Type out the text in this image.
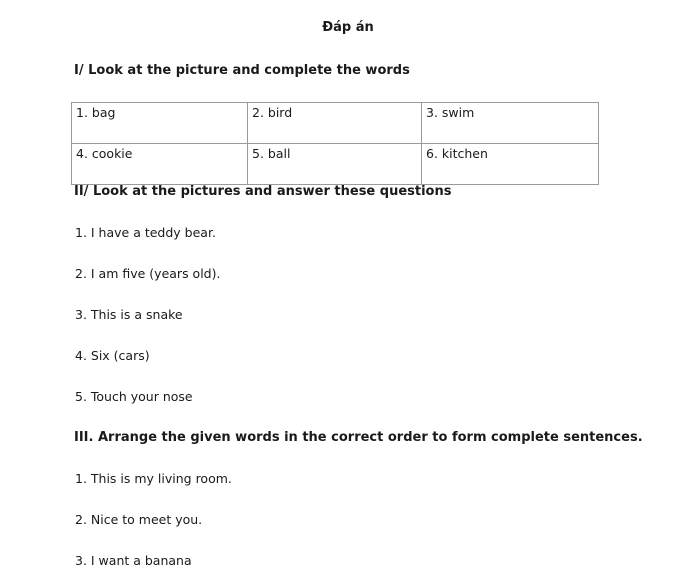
Đáp án
I/ Look at the picture and complete the words
1. bag	2. bird	3. swim
4. cookie	5. ball	6. kitchen
II/ Look at the pictures and answer these questions
1. I have a teddy bear.
2. I am five (years old).
3. This is a snake
4. Six (cars)
5. Touch your nose
III. Arrange the given words in the correct order to form complete sentences.
1. This is my living room.
2. Nice to meet you.
3. I want a banana
